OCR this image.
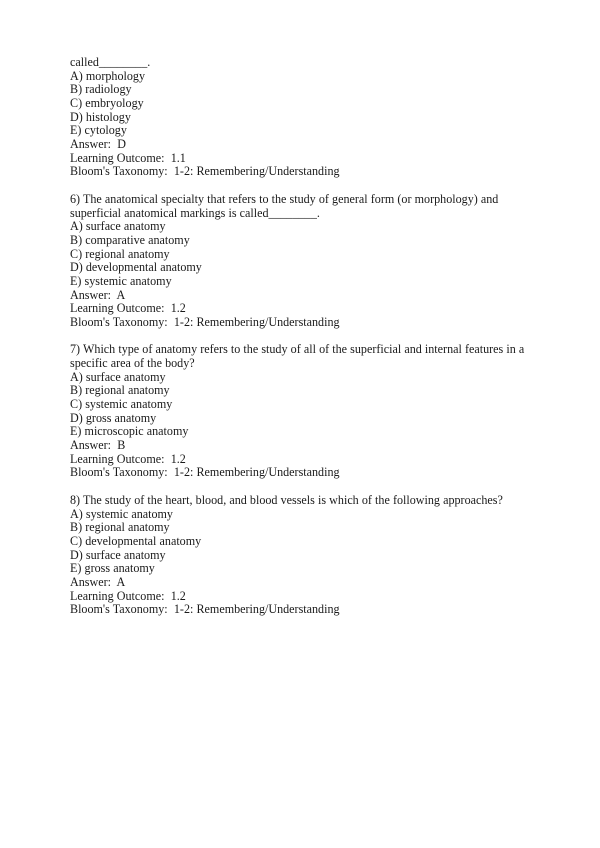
called________.

A) morphology

B) radiology

C) embryology

D) histology

E) cytology

Answer:  D

Learning Outcome:  1.1

Bloom's Taxonomy:  1-2: Remembering/Understanding

6) The anatomical specialty that refers to the study of general form (or morphology) and superficial anatomical markings is called________.

A) surface anatomy

B) comparative anatomy

C) regional anatomy

D) developmental anatomy

E) systemic anatomy

Answer:  A

Learning Outcome:  1.2

Bloom's Taxonomy:  1-2: Remembering/Understanding

7) Which type of anatomy refers to the study of all of the superficial and internal features in a specific area of the body?

A) surface anatomy

B) regional anatomy

C) systemic anatomy

D) gross anatomy

E) microscopic anatomy

Answer:  B

Learning Outcome:  1.2

Bloom's Taxonomy:  1-2: Remembering/Understanding

8) The study of the heart, blood, and blood vessels is which of the following approaches?

A) systemic anatomy

B) regional anatomy

C) developmental anatomy

D) surface anatomy

E) gross anatomy

Answer:  A

Learning Outcome:  1.2

Bloom's Taxonomy:  1-2: Remembering/Understanding
